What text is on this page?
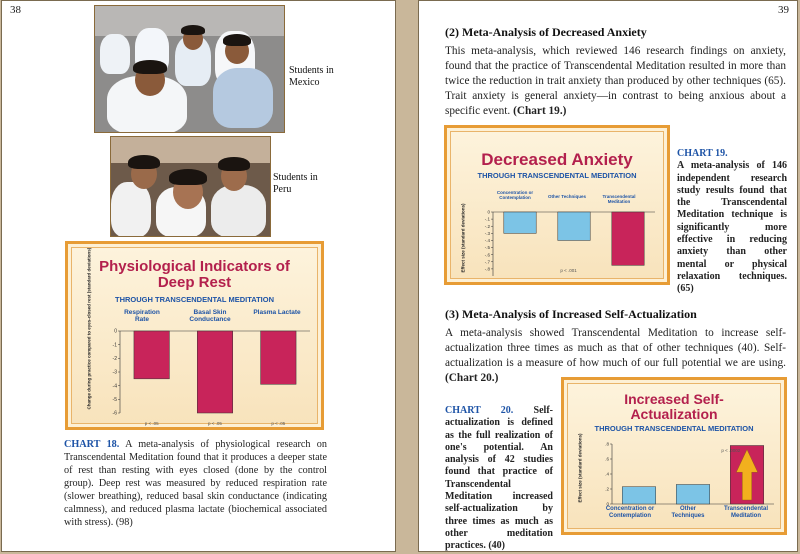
38
Students in Mexico
Students in Peru
Physiological Indicators of Deep Rest
THROUGH TRANSCENDENTAL MEDITATION
Change during practice compared to eyes-closed rest (standard deviations)	Respiration Rate
Basal Skin Conductance
Plasma Lactate
0
-1
-2
-3
-4
-5
-6
p < .05	p < .05	p < .05
CHART 18. A meta-analysis of physiological research on Transcendental Meditation found that it produces a deeper state of rest than resting with eyes closed (done by the control group). Deep rest was measured by reduced respiration rate (slower breathing), reduced basal skin conductance (indicating calmness), and reduced plasma lactate (biochemical associated with stress). (98)
39
(2) Meta-Analysis of Decreased Anxiety
This meta-analysis, which reviewed 146 research findings on anxiety, found that the practice of Transcendental Meditation resulted in more than twice the reduction in trait anxiety than produced by other techniques (65). Trait anxiety is general anxiety—in contrast to being anxious about a specific event. (Chart 19.)
Decreased Anxiety
THROUGH TRANSCENDENTAL MEDITATION
Effect size (standard deviations)
Concentration or Contemplation	Other Techniques	Transcendental Meditation
0
-.1
-.2
-.3
-.4
-.5
-.6
-.7
-.8	p < .001
CHART 19.
A meta-analysis of 146 independent research study results found that the Transcendental Meditation technique is significantly more effective in reducing anxiety than other mental or physical relaxation techniques. (65)
(3) Meta-Analysis of Increased Self-Actualization
A meta-analysis showed Transcendental Meditation to increase self-actualization three times as much as that of other techniques (40). Self-actualization is a measure of how much of our full potential we are using. (Chart 20.)
Increased Self-Actualization
THROUGH TRANSCENDENTAL MEDITATION
Effect size (standard deviations)
0
.2
.4
.6
.8
p < .0002
Concentration or Contemplation
Other Techniques
Transcendental Meditation
CHART 20. Self-actualization is defined as the full realization of one's potential. An analysis of 42 studies found that practice of Transcendental Meditation increased self-actualization by three times as much as other meditation practices. (40)
